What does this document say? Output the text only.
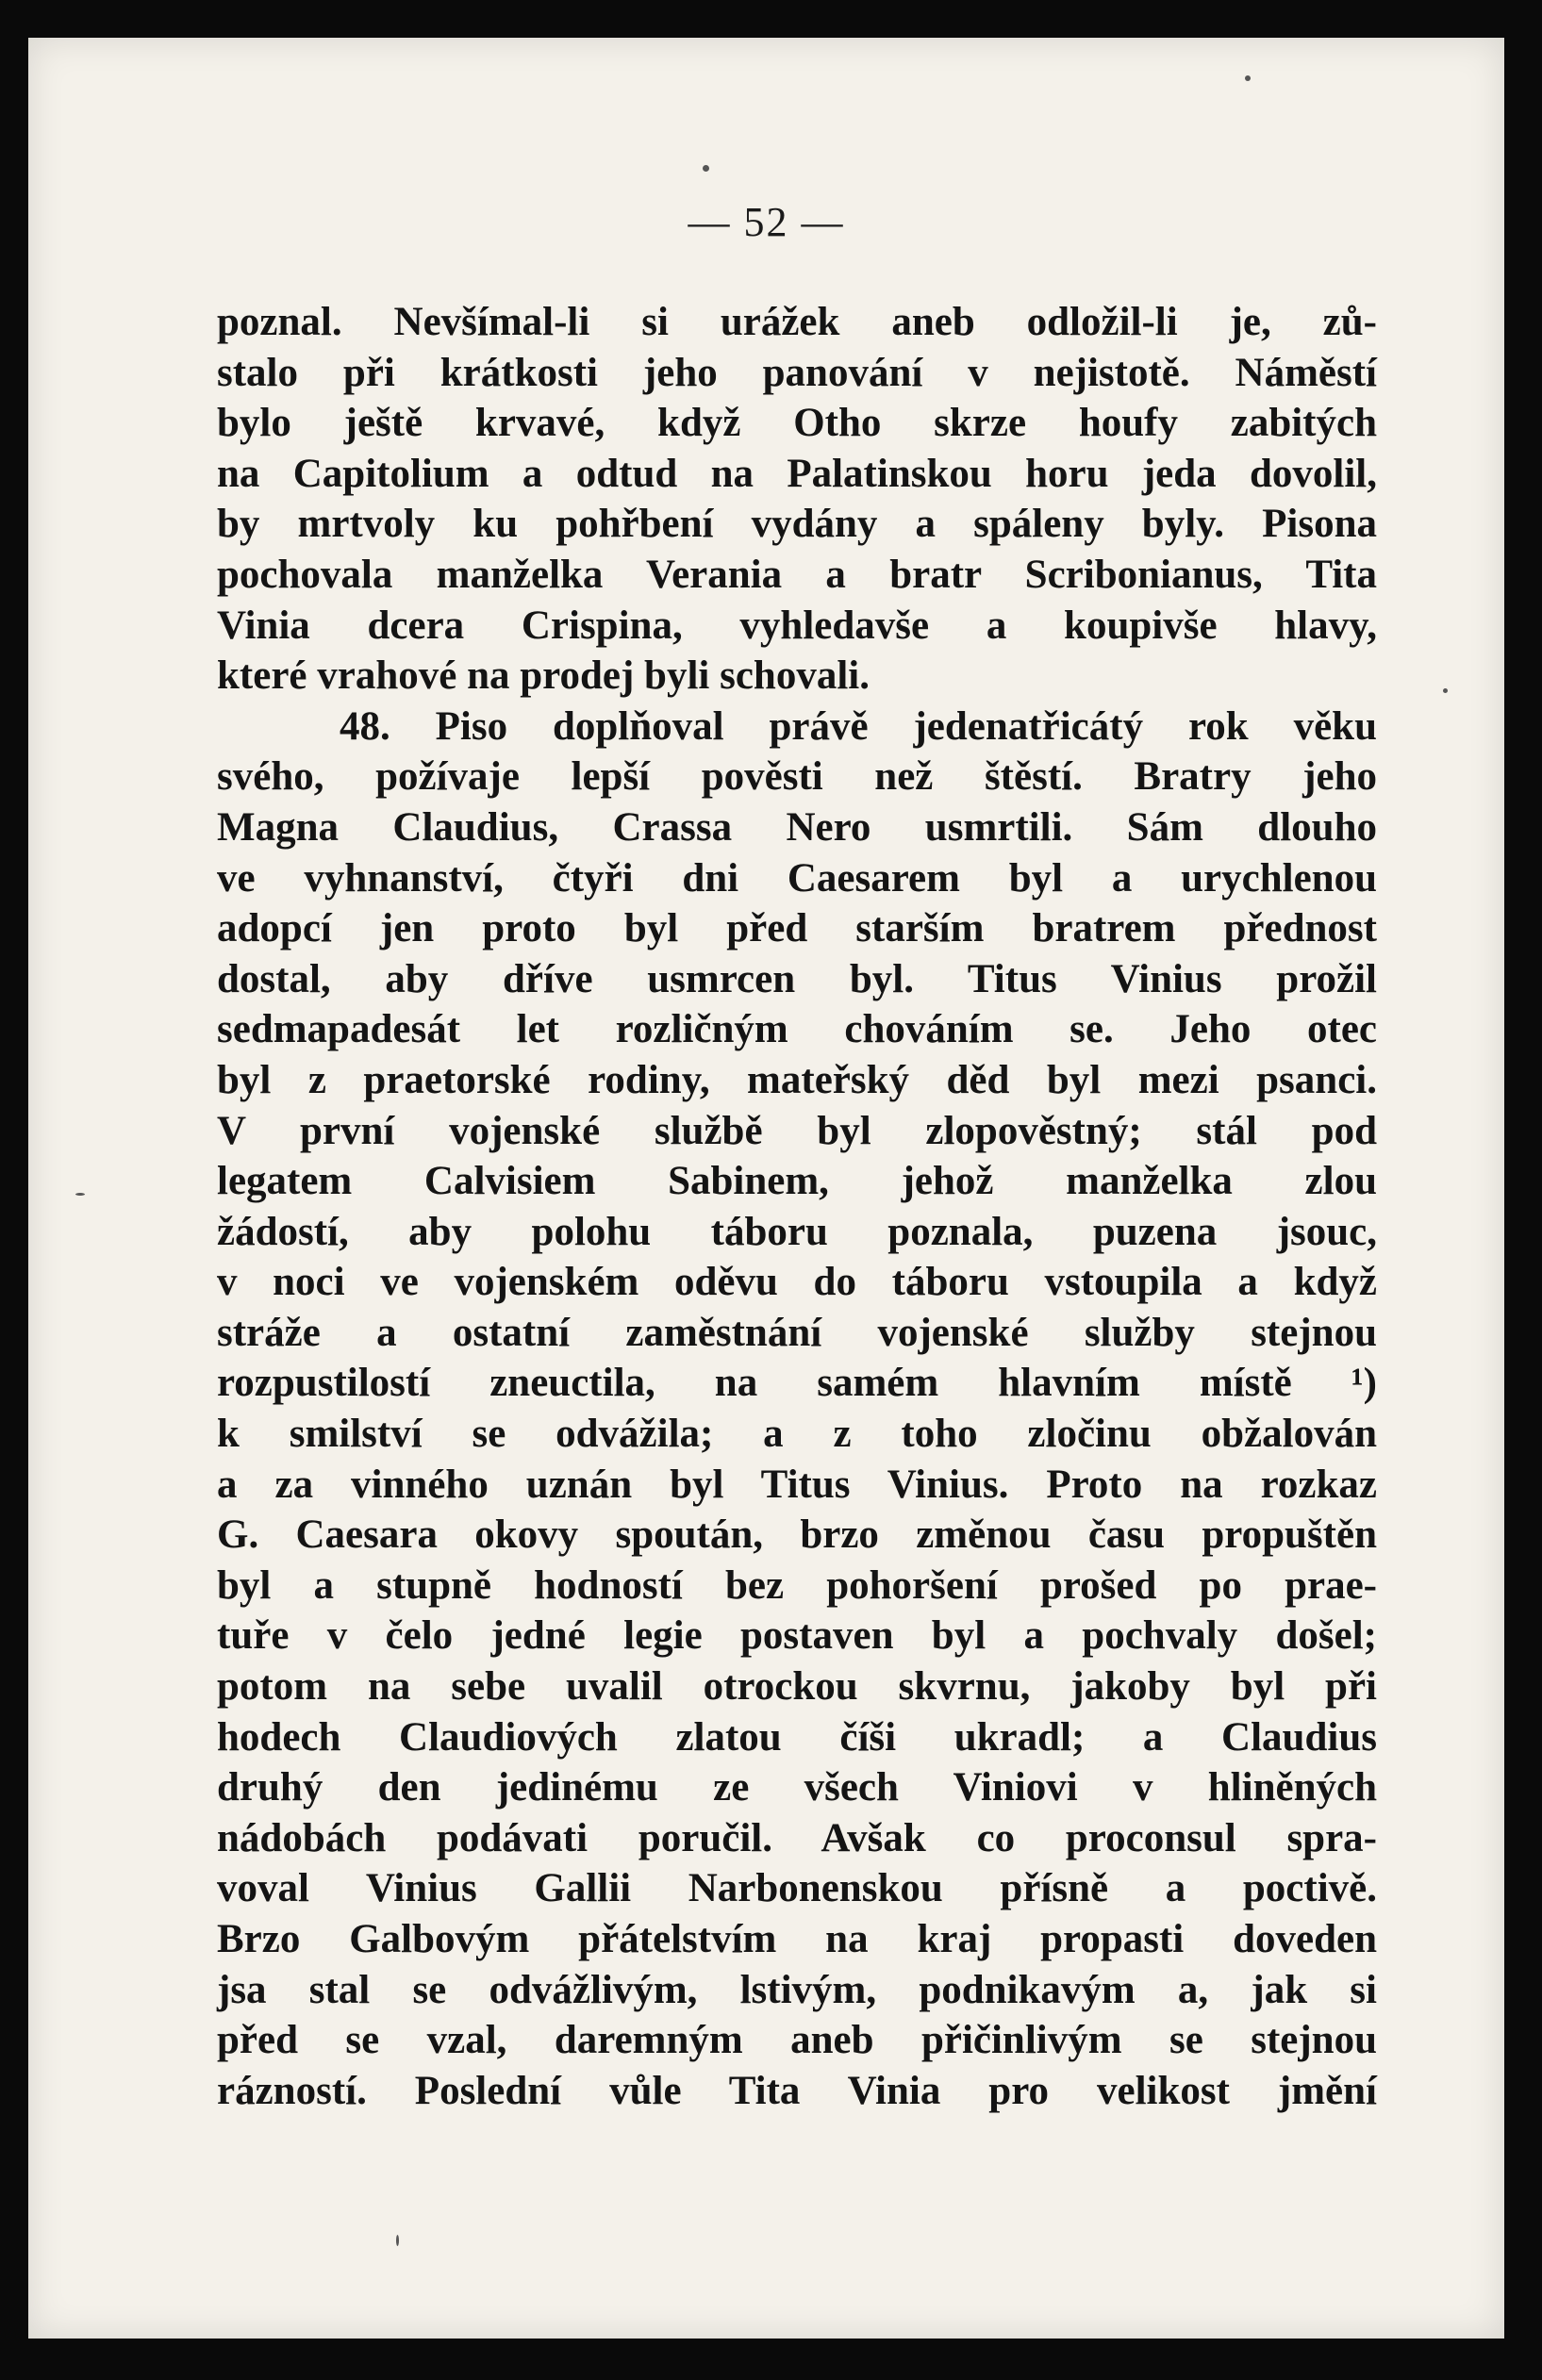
— 52 —
poznal. Nevšímal-li si urážek aneb odložil-li je, zů-
stalo při krátkosti jeho panování v nejistotě. Náměstí
bylo ještě krvavé, když Otho skrze houfy zabitých
na Capitolium a odtud na Palatinskou horu jeda dovolil,
by mrtvoly ku pohřbení vydány a spáleny byly. Pisona
pochovala manželka Verania a bratr Scribonianus, Tita
Vinia dcera Crispina, vyhledavše a koupivše hlavy,
které vrahové na prodej byli schovali.
48. Piso doplňoval právě jedenatřicátý rok věku
svého, požívaje lepší pověsti než štěstí. Bratry jeho
Magna Claudius, Crassa Nero usmrtili. Sám dlouho
ve vyhnanství, čtyři dni Caesarem byl a urychlenou
adopcí jen proto byl před starším bratrem přednost
dostal, aby dříve usmrcen byl. Titus Vinius prožil
sedmapadesát let rozličným chováním se. Jeho otec
byl z praetorské rodiny, mateřský děd byl mezi psanci.
V první vojenské službě byl zlopověstný; stál pod
legatem Calvisiem Sabinem, jehož manželka zlou
žádostí, aby polohu táboru poznala, puzena jsouc,
v noci ve vojenském oděvu do táboru vstoupila a když
stráže a ostatní zaměstnání vojenské služby stejnou
rozpustilostí zneuctila, na samém hlavním místě ¹)
k smilství se odvážila; a z toho zločinu obžalován
a za vinného uznán byl Titus Vinius. Proto na rozkaz
G. Caesara okovy spoután, brzo změnou času propuštěn
byl a stupně hodností bez pohoršení prošed po prae-
tuře v čelo jedné legie postaven byl a pochvaly došel;
potom na sebe uvalil otrockou skvrnu, jakoby byl při
hodech Claudiových zlatou číši ukradl; a Claudius
druhý den jedinému ze všech Viniovi v hliněných
nádobách podávati poručil. Avšak co proconsul spra-
voval Vinius Gallii Narbonenskou přísně a poctivě.
Brzo Galbovým přátelstvím na kraj propasti doveden
jsa stal se odvážlivým, lstivým, podnikavým a, jak si
před se vzal, daremným aneb přičinlivým se stejnou
rázností. Poslední vůle Tita Vinia pro velikost jmění
